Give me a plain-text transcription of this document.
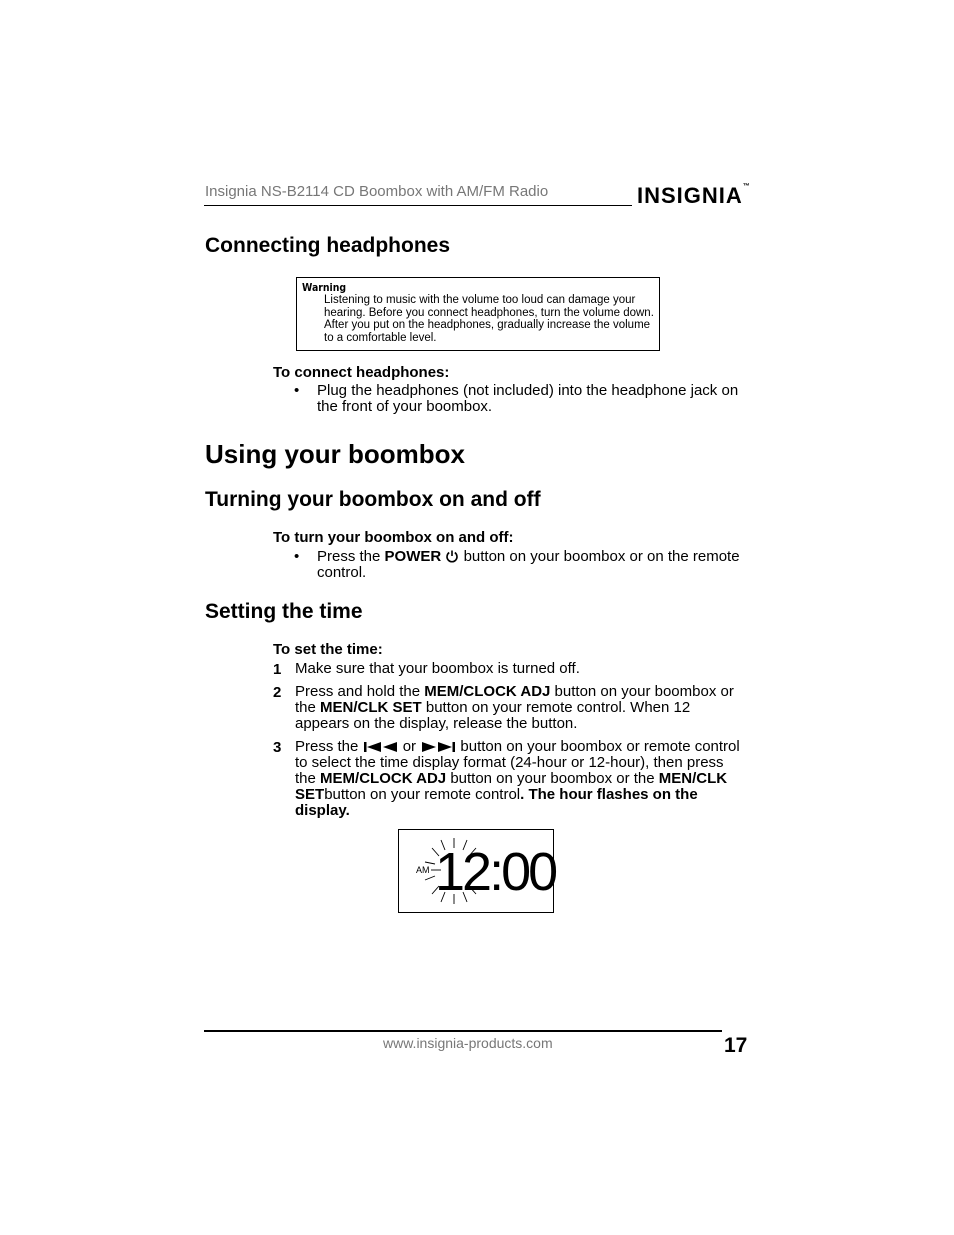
Insignia NS-B2114 CD Boombox with AM/FM Radio	INSIGNIA™
Connecting headphones
Warning
Listening to music with the volume too loud can damage your hearing. Before you connect headphones, turn the volume down. After you put on the headphones, gradually increase the volume to a comfortable level.
To connect headphones:
• Plug the headphones (not included) into the headphone jack on the front of your boombox.
Using your boombox
Turning your boombox on and off
To turn your boombox on and off:
• Press the POWER button on your boombox or on the remote control.
Setting the time
To set the time:
1 Make sure that your boombox is turned off.
2 Press and hold the MEM/CLOCK ADJ button on your boombox or the MEN/CLK SET button on your remote control. When 12 appears on the display, release the button.
3 Press the	or	button on your boombox or remote control to select the time display format (24-hour or 12-hour), then press the MEM/CLOCK ADJ button on your boombox or the MEN/CLK SETbutton on your remote control. The hour flashes on the display.
AM 12:00
www.insignia-products.com	17
